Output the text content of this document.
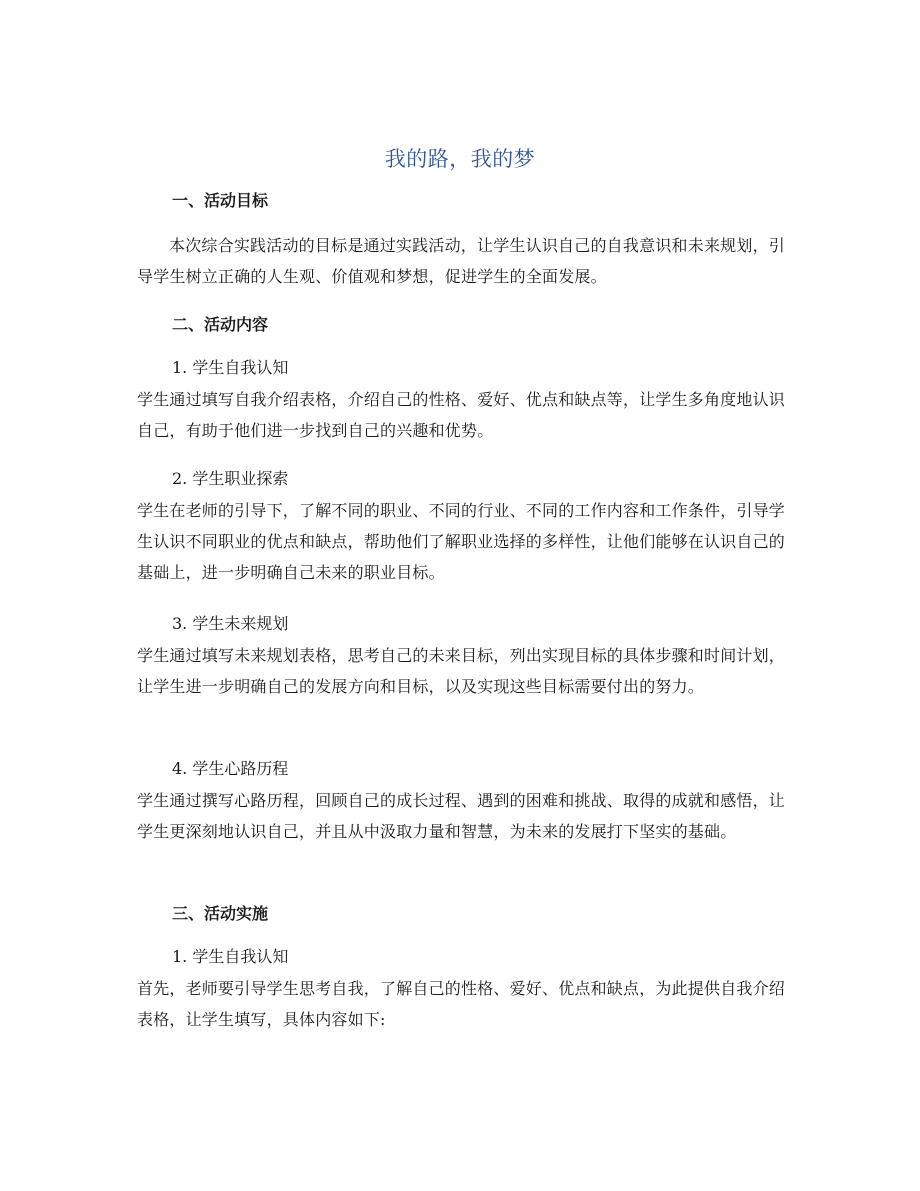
我的路，我的梦
一、活动目标
本次综合实践活动的目标是通过实践活动，让学生认识自己的自我意识和未来规划，引导学生树立正确的人生观、价值观和梦想，促进学生的全面发展。
二、活动内容
1. 学生自我认知
学生通过填写自我介绍表格，介绍自己的性格、爱好、优点和缺点等，让学生多角度地认识自己，有助于他们进一步找到自己的兴趣和优势。
2. 学生职业探索
学生在老师的引导下，了解不同的职业、不同的行业、不同的工作内容和工作条件，引导学生认识不同职业的优点和缺点，帮助他们了解职业选择的多样性，让他们能够在认识自己的基础上，进一步明确自己未来的职业目标。
3. 学生未来规划
学生通过填写未来规划表格，思考自己的未来目标，列出实现目标的具体步骤和时间计划，让学生进一步明确自己的发展方向和目标，以及实现这些目标需要付出的努力。
4. 学生心路历程
学生通过撰写心路历程，回顾自己的成长过程、遇到的困难和挑战、取得的成就和感悟，让学生更深刻地认识自己，并且从中汲取力量和智慧，为未来的发展打下坚实的基础。
三、活动实施
1. 学生自我认知
首先，老师要引导学生思考自我，了解自己的性格、爱好、优点和缺点，为此提供自我介绍表格，让学生填写，具体内容如下:
